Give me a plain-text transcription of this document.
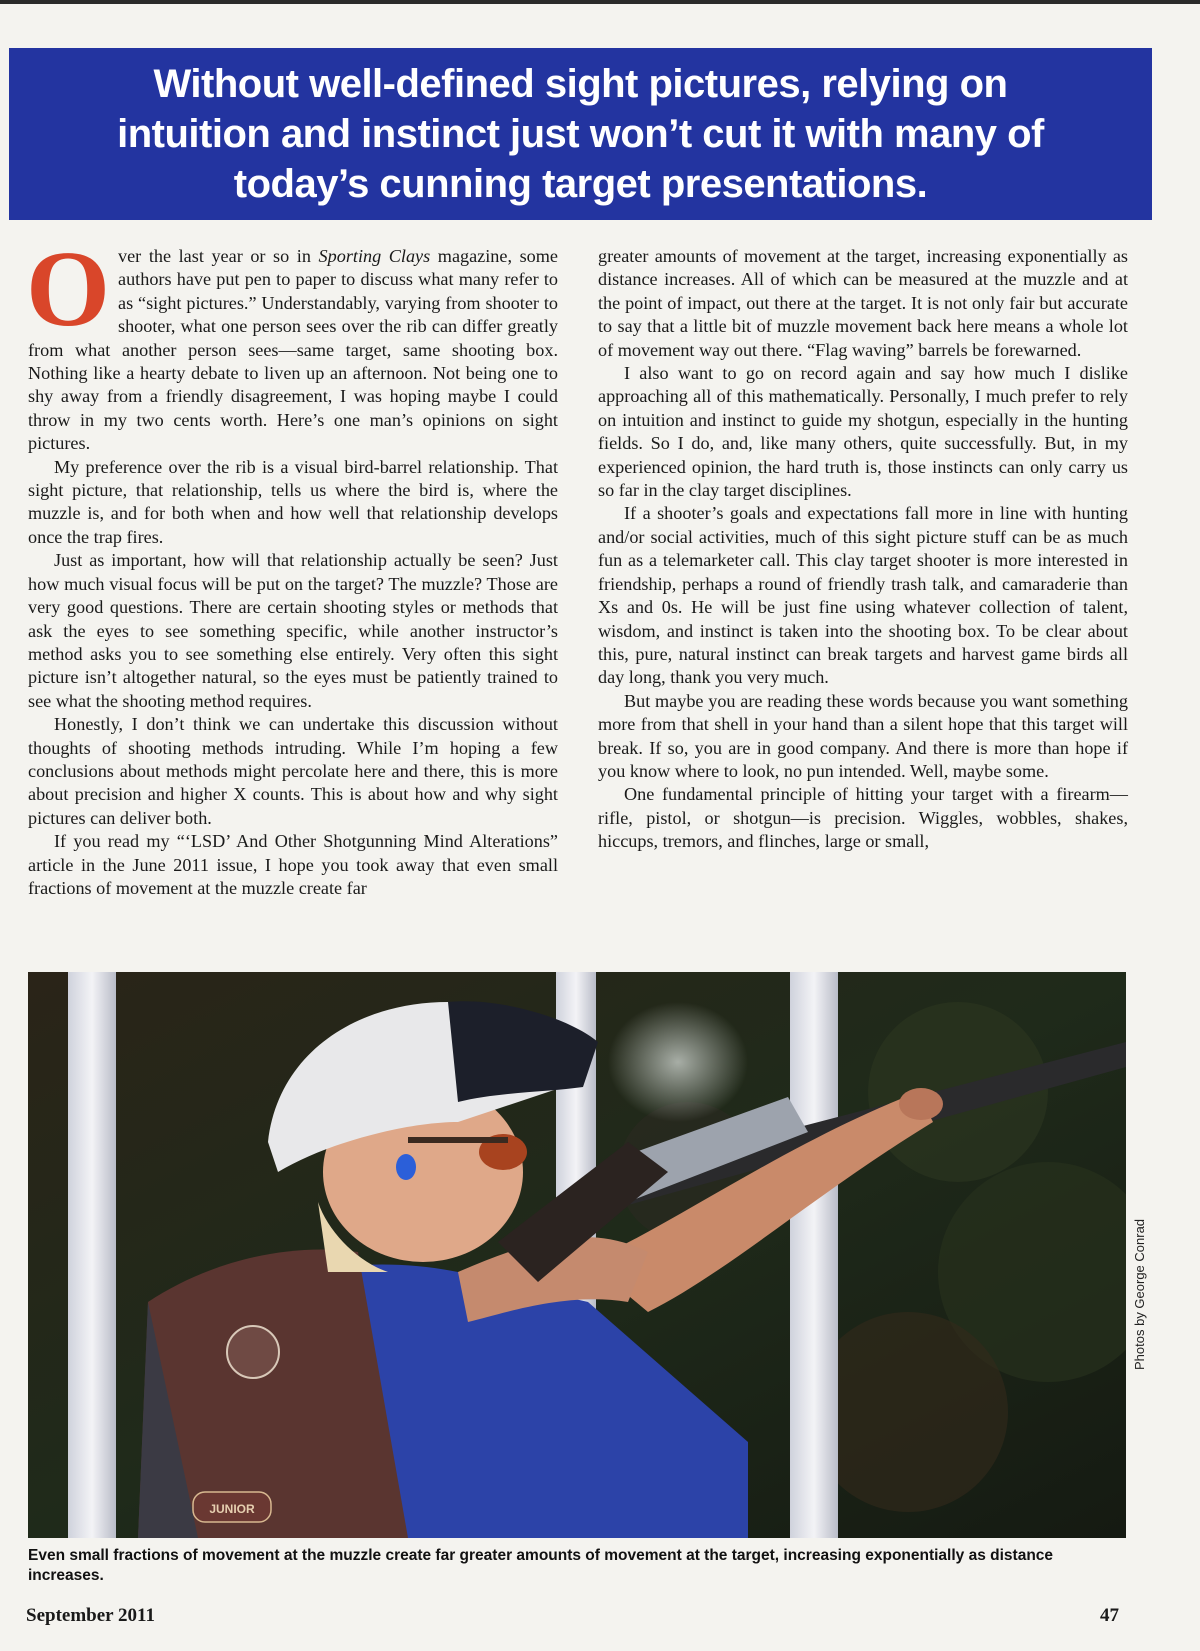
Without well-defined sight pictures, relying on intuition and instinct just won’t cut it with many of today’s cunning target presentations.

Over the last year or so in Sporting Clays magazine, some authors have put pen to paper to discuss what many refer to as “sight pictures.” Understandably, varying from shooter to shooter, what one person sees over the rib can differ greatly from what another person sees—same target, same shooting box. Nothing like a hearty debate to liven up an afternoon. Not being one to shy away from a friendly disagreement, I was hoping maybe I could throw in my two cents worth. Here’s one man’s opinions on sight pictures.

My preference over the rib is a visual bird-barrel relationship. That sight picture, that relationship, tells us where the bird is, where the muzzle is, and for both when and how well that relationship develops once the trap fires.

Just as important, how will that relationship actually be seen? Just how much visual focus will be put on the target? The muzzle? Those are very good questions. There are certain shooting styles or methods that ask the eyes to see something specific, while another instructor’s method asks you to see something else entirely. Very often this sight picture isn’t altogether natural, so the eyes must be patiently trained to see what the shooting method requires.

Honestly, I don’t think we can undertake this discussion without thoughts of shooting methods intruding. While I’m hoping a few conclusions about methods might percolate here and there, this is more about precision and higher X counts. This is about how and why sight pictures can deliver both.

If you read my “‘LSD’ And Other Shotgunning Mind Alterations” article in the June 2011 issue, I hope you took away that even small fractions of movement at the muzzle create far

greater amounts of movement at the target, increasing exponentially as distance increases. All of which can be measured at the muzzle and at the point of impact, out there at the target. It is not only fair but accurate to say that a little bit of muzzle movement back here means a whole lot of movement way out there. “Flag waving” barrels be forewarned.

I also want to go on record again and say how much I dislike approaching all of this mathematically. Personally, I much prefer to rely on intuition and instinct to guide my shotgun, especially in the hunting fields. So I do, and, like many others, quite successfully. But, in my experienced opinion, the hard truth is, those instincts can only carry us so far in the clay target disciplines.

If a shooter’s goals and expectations fall more in line with hunting and/or social activities, much of this sight picture stuff can be as much fun as a telemarketer call. This clay target shooter is more interested in friendship, perhaps a round of friendly trash talk, and camaraderie than Xs and 0s. He will be just fine using whatever collection of talent, wisdom, and instinct is taken into the shooting box. To be clear about this, pure, natural instinct can break targets and harvest game birds all day long, thank you very much.

But maybe you are reading these words because you want something more from that shell in your hand than a silent hope that this target will break. If so, you are in good company. And there is more than hope if you know where to look, no pun intended. Well, maybe some.

One fundamental principle of hitting your target with a firearm—rifle, pistol, or shotgun—is precision. Wiggles, wobbles, shakes, hiccups, tremors, and flinches, large or small,

JUNIOR
Photos by George Conrad
Even small fractions of movement at the muzzle create far greater amounts of movement at the target, increasing exponentially as distance increases.
September 2011	47
